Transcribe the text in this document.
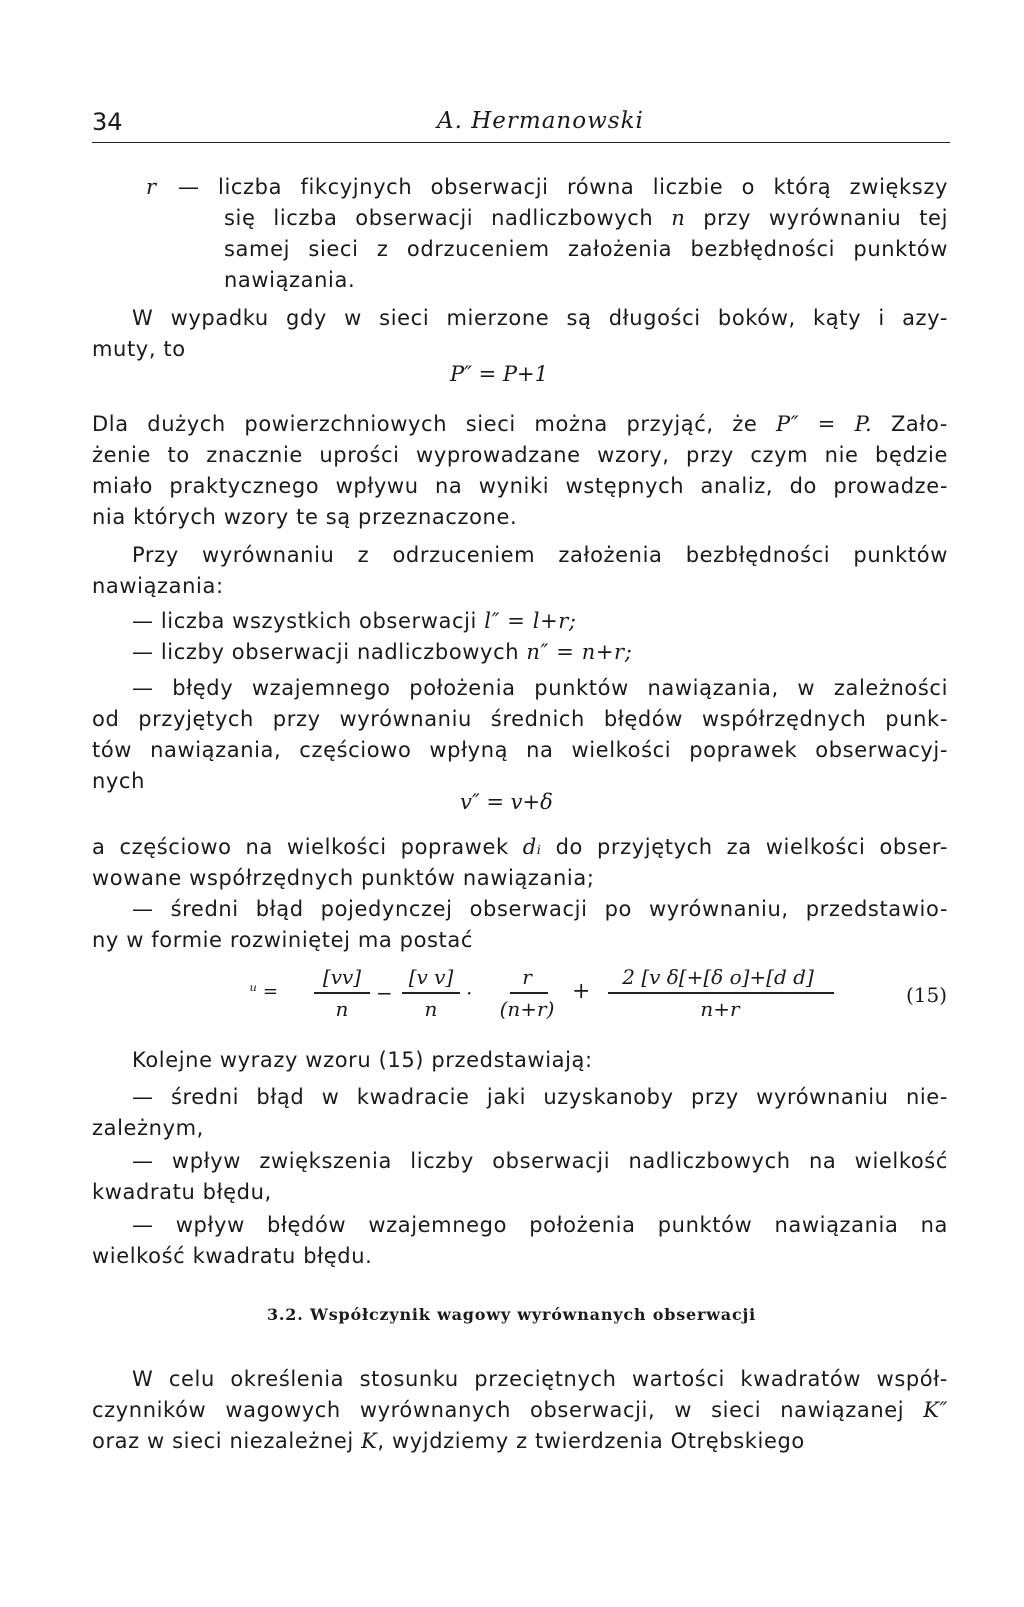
34	A. Hermanowski
r — liczba fikcyjnych obserwacji równa liczbie o którą zwiększy
się liczba obserwacji nadliczbowych n przy wyrównaniu tej
samej sieci z odrzuceniem założenia bezbłędności punktów
nawiązania.
W wypadku gdy w sieci mierzone są długości boków, kąty i azy-
muty, to
P″ = P+1
Dla dużych powierzchniowych sieci można przyjąć, że P″ = P. Zało-
żenie to znacznie uprości wyprowadzane wzory, przy czym nie będzie
miało praktycznego wpływu na wyniki wstępnych analiz, do prowadze-
nia których wzory te są przeznaczone.
Przy wyrównaniu z odrzuceniem założenia bezbłędności punktów
nawiązania:
— liczba wszystkich obserwacji l″ = l+r;
— liczby obserwacji nadliczbowych n″ = n+r;
— błędy wzajemnego położenia punktów nawiązania, w zależności
od przyjętych przy wyrównaniu średnich błędów współrzędnych punk-
tów nawiązania, częściowo wpłyną na wielkości poprawek obserwacyj-
nych
v″ = v+δ
a częściowo na wielkości poprawek dᵢ do przyjętych za wielkości obser-
wowane współrzędnych punktów nawiązania;
— średni błąd pojedynczej obserwacji po wyrównaniu, przedstawio-
ny w formie rozwiniętej ma postać
ᵘ =
[vv]
n
−
[v v]
n
·
r
(n+r)
+
2 [v δ[+[δ o]+[d d]
n+r
(15)
Kolejne wyrazy wzoru (15) przedstawiają:
— średni błąd w kwadracie jaki uzyskanoby przy wyrównaniu nie-
zależnym,
— wpływ zwiększenia liczby obserwacji nadliczbowych na wielkość
kwadratu błędu,
— wpływ błędów wzajemnego położenia punktów nawiązania na
wielkość kwadratu błędu.
3.2. Współczynik wagowy wyrównanych obserwacji
W celu określenia stosunku przeciętnych wartości kwadratów współ-
czynników wagowych wyrównanych obserwacji, w sieci nawiązanej K″
oraz w sieci niezależnej K, wyjdziemy z twierdzenia Otrębskiego
